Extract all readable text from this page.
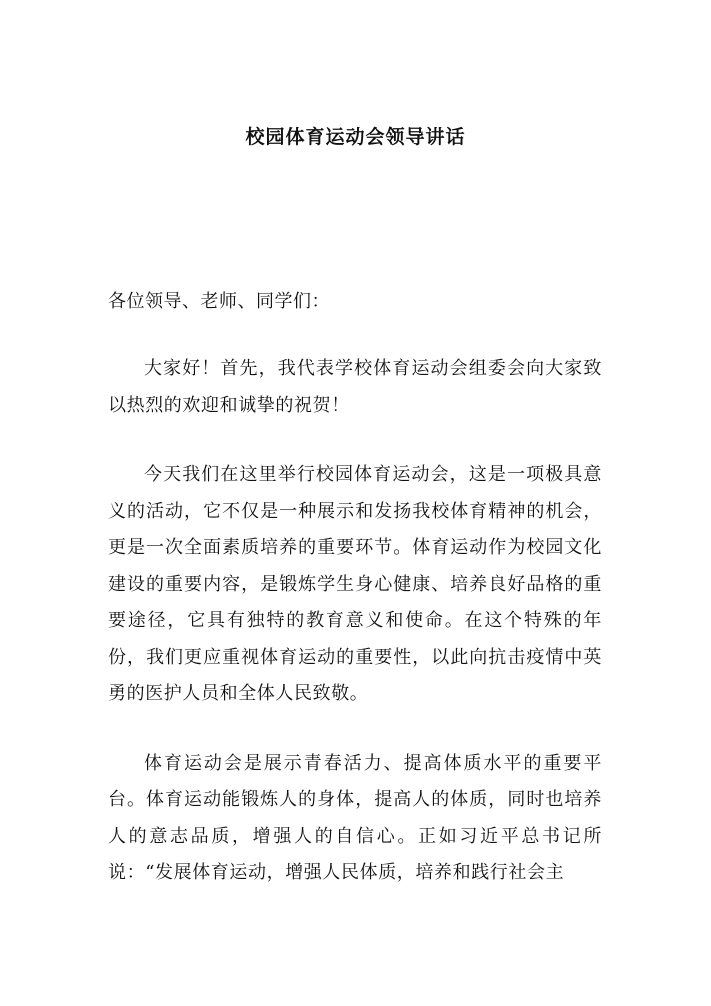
校园体育运动会领导讲话

各位领导、老师、同学们：

大家好！首先，我代表学校体育运动会组委会向大家致以热烈的欢迎和诚挚的祝贺！

今天我们在这里举行校园体育运动会，这是一项极具意义的活动，它不仅是一种展示和发扬我校体育精神的机会，更是一次全面素质培养的重要环节。体育运动作为校园文化建设的重要内容，是锻炼学生身心健康、培养良好品格的重要途径，它具有独特的教育意义和使命。在这个特殊的年份，我们更应重视体育运动的重要性，以此向抗击疫情中英勇的医护人员和全体人民致敬。

体育运动会是展示青春活力、提高体质水平的重要平台。体育运动能锻炼人的身体，提高人的体质，同时也培养人的意志品质，增强人的自信心。正如习近平总书记所说：“发展体育运动，增强人民体质，培养和践行社会主
